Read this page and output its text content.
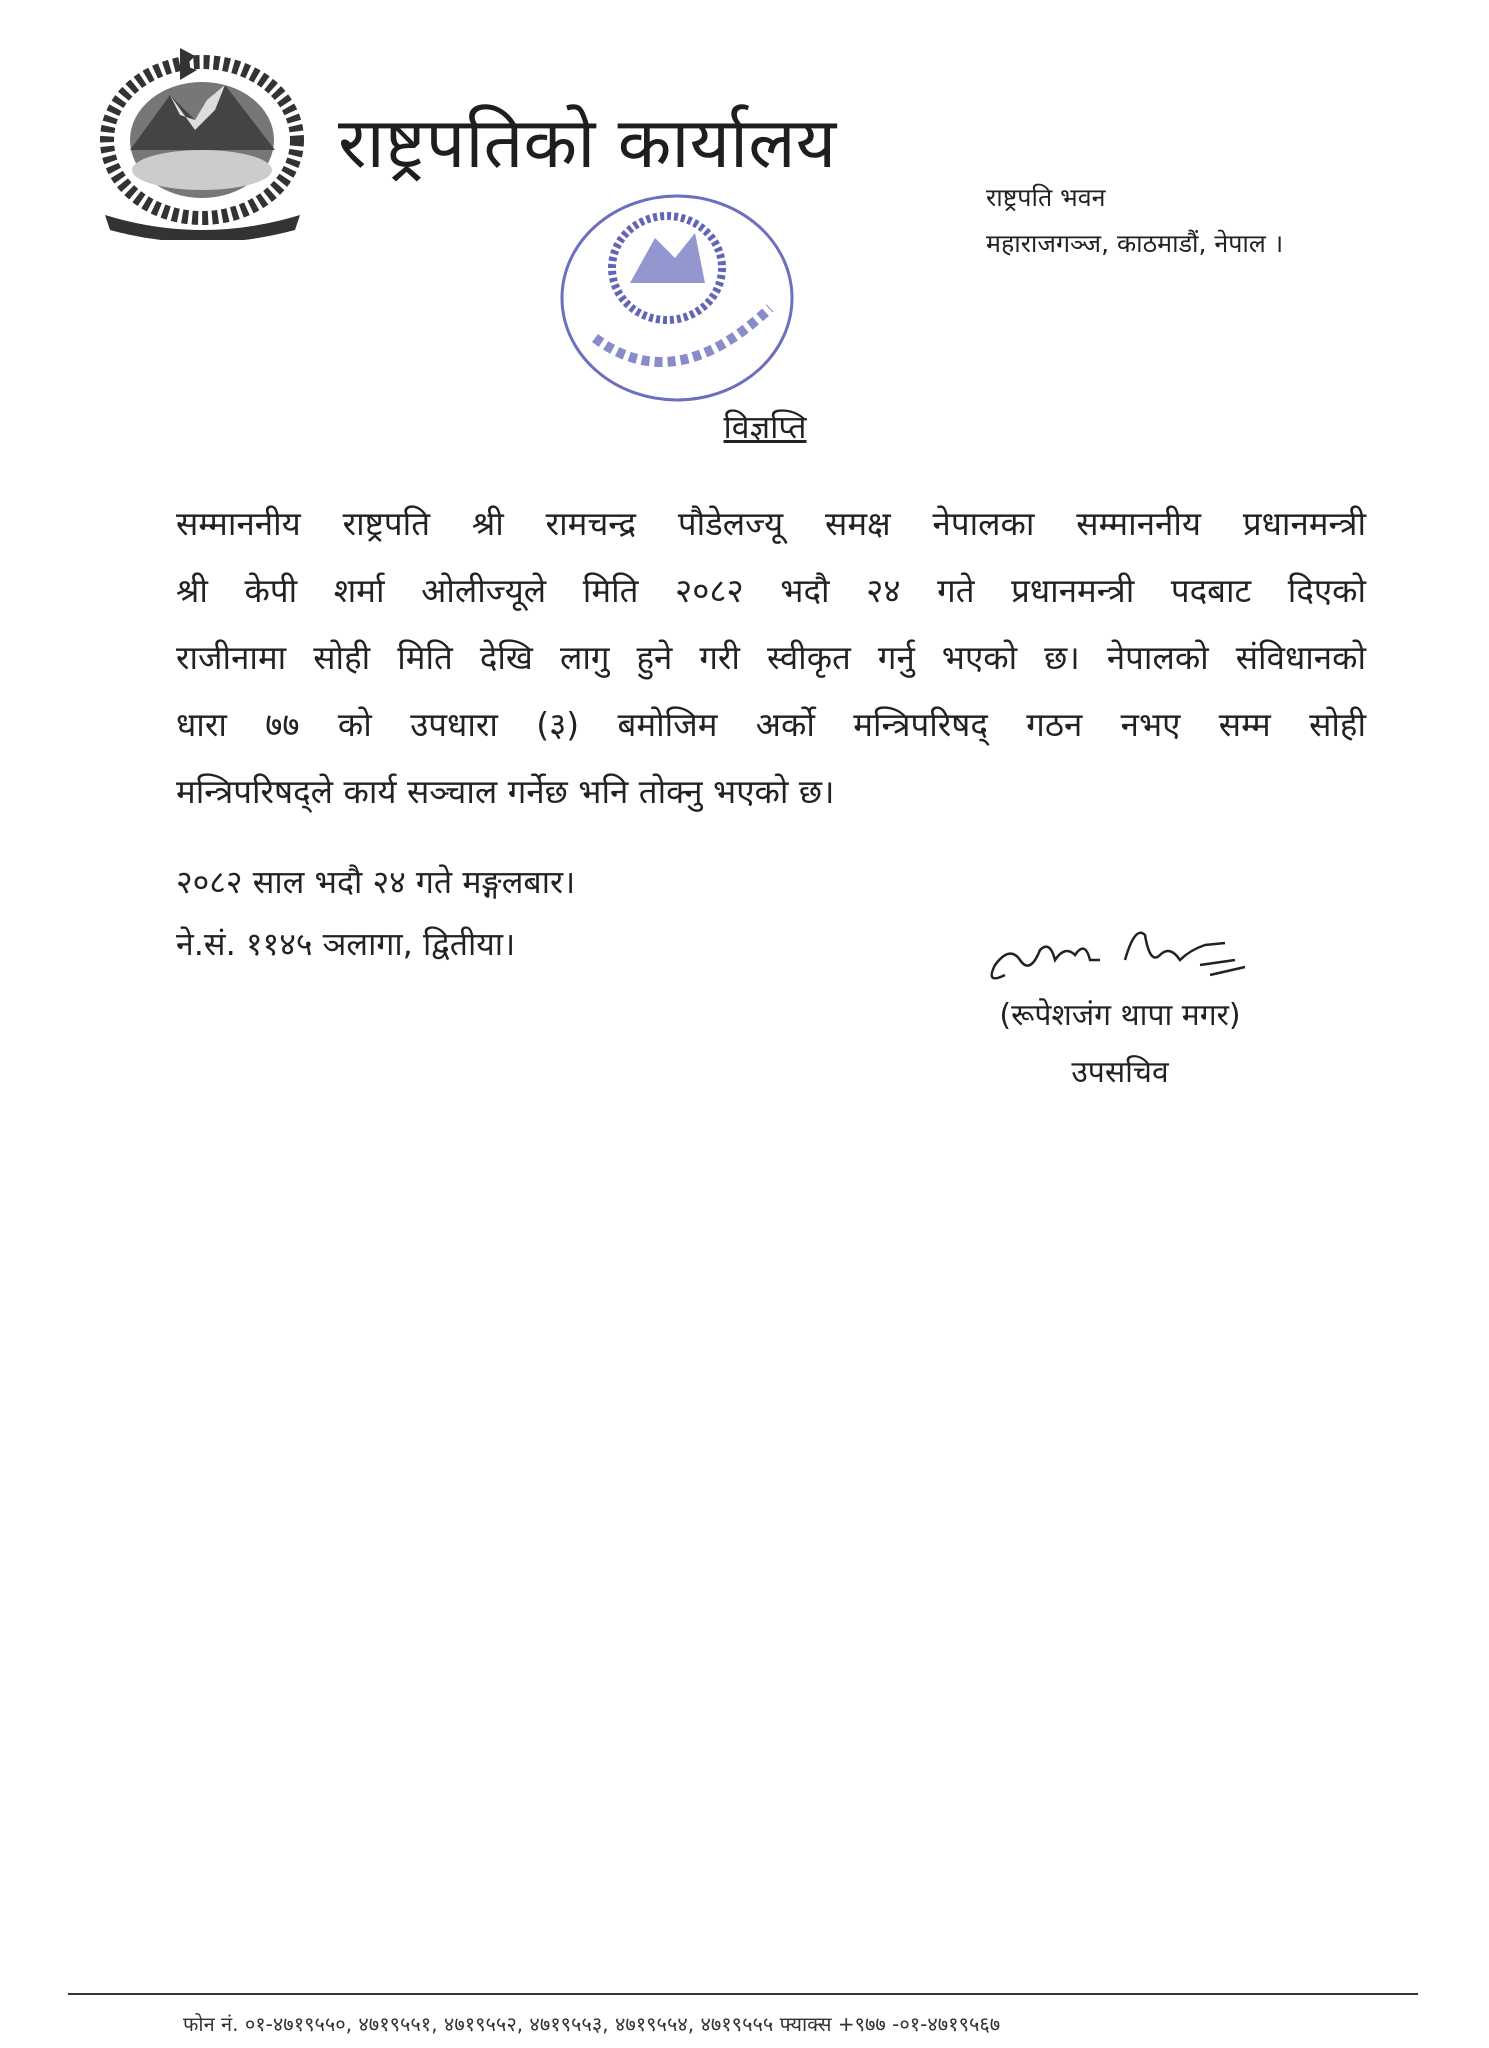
राष्ट्रपतिको कार्यालय
राष्ट्रपति भवन
महाराजगञ्ज, काठमाडौं, नेपाल ।
विज्ञप्ति
सम्माननीय राष्ट्रपति श्री रामचन्द्र पौडेलज्यू समक्ष नेपालका सम्माननीय प्रधानमन्त्री
श्री केपी शर्मा ओलीज्यूले मिति २०८२ भदौ २४ गते प्रधानमन्त्री पदबाट दिएको
राजीनामा सोही मिति देखि लागु हुने गरी स्वीकृत गर्नु भएको छ। नेपालको संविधानको
धारा ७७ को उपधारा (३) बमोजिम अर्को मन्त्रिपरिषद् गठन नभए सम्म सोही
मन्त्रिपरिषद्ले कार्य सञ्चाल गर्नेछ भनि तोक्नु भएको छ।
२०८२ साल भदौ २४ गते मङ्गलबार।
ने.सं. ११४५ ञलागा, द्वितीया।
(रूपेशजंग थापा मगर)
उपसचिव
फोन नं. ०१-४७१९५५०, ४७१९५५१, ४७१९५५२, ४७१९५५३, ४७१९५५४, ४७१९५५५ फ्याक्स +९७७ -०१-४७१९५६७
